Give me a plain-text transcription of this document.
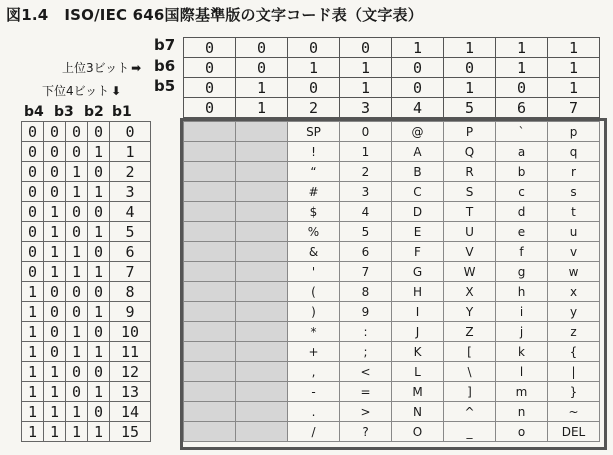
図1.4 ISO/IEC 646国際基準版の文字コード表（文字表）
b7
b6
b5
上位3ビット ➡
下位4ビット ⬇
0	0	0	0	1	1	1	1
0	0	1	1	0	0	1	1
0	1	0	1	0	1	0	1
0	1	2	3	4	5	6	7
b4 b3 b2 b1
0	0	0	0	0
0	0	0	1	1
0	0	1	0	2
0	0	1	1	3
0	1	0	0	4
0	1	0	1	5
0	1	1	0	6
0	1	1	1	7
1	0	0	0	8
1	0	0	1	9
1	0	1	0	10
1	0	1	1	11
1	1	0	0	12
1	1	0	1	13
1	1	1	0	14
1	1	1	1	15
		SP	0	@	P	`	p
		!	1	A	Q	a	q
		“	2	B	R	b	r
		#	3	C	S	c	s
		$	4	D	T	d	t
		%	5	E	U	e	u
		&	6	F	V	f	v
		'	7	G	W	g	w
		(	8	H	X	h	x
		)	9	I	Y	i	y
		*	:	J	Z	j	z
		+	;	K	[	k	{
		,	<	L	\	l	|
		-	=	M	]	m	}
		.	>	N	^	n	~
		/	?	O	_	o	DEL
